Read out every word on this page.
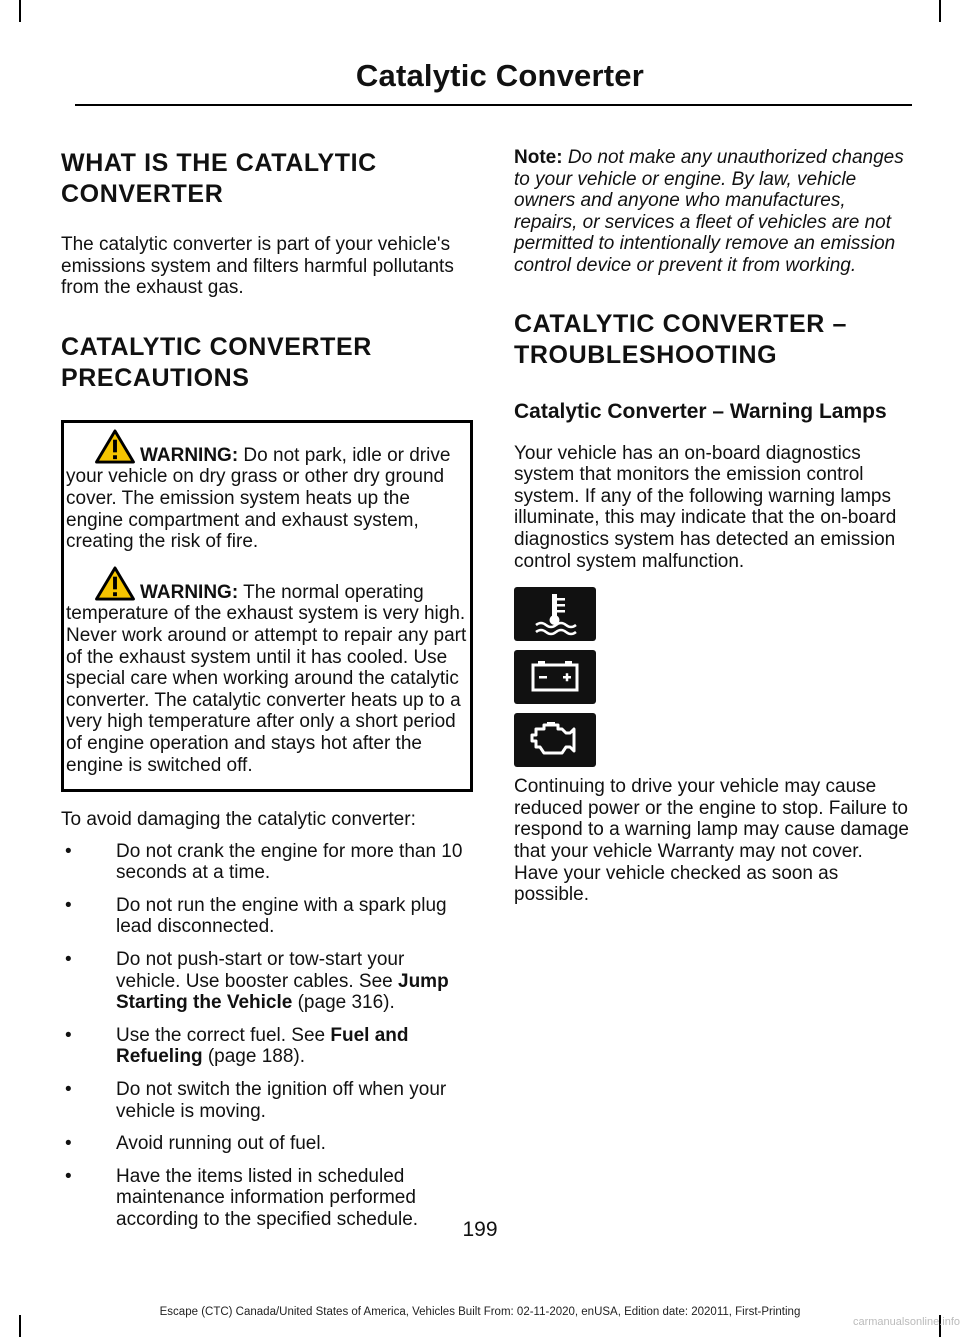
Catalytic Converter
WHAT IS THE CATALYTIC
CONVERTER

The catalytic converter is part of your vehicle's emissions system and filters harmful pollutants from the exhaust gas.

CATALYTIC CONVERTER
PRECAUTIONS

WARNING: Do not park, idle or drive your vehicle on dry grass or other dry ground cover. The emission system heats up the engine compartment and exhaust system, creating the risk of fire.

WARNING: The normal operating temperature of the exhaust system is very high. Never work around or attempt to repair any part of the exhaust system until it has cooled. Use special care when working around the catalytic converter. The catalytic converter heats up to a very high temperature after only a short period of engine operation and stays hot after the engine is switched off.

To avoid damaging the catalytic converter:

• Do not crank the engine for more than 10 seconds at a time.
• Do not run the engine with a spark plug lead disconnected.
• Do not push-start or tow-start your vehicle. Use booster cables. See Jump Starting the Vehicle (page 316).
• Use the correct fuel. See Fuel and Refueling (page 188).
• Do not switch the ignition off when your vehicle is moving.
• Avoid running out of fuel.
• Have the items listed in scheduled maintenance information performed according to the specified schedule.

Note: Do not make any unauthorized changes to your vehicle or engine. By law, vehicle owners and anyone who manufactures, repairs, or services a fleet of vehicles are not permitted to intentionally remove an emission control device or prevent it from working.

CATALYTIC CONVERTER –
TROUBLESHOOTING
Catalytic Converter – Warning Lamps

Your vehicle has an on-board diagnostics system that monitors the emission control system. If any of the following warning lamps illuminate, this may indicate that the on-board diagnostics system has detected an emission control system malfunction.

Continuing to drive your vehicle may cause reduced power or the engine to stop. Failure to respond to a warning lamp may cause damage that your vehicle Warranty may not cover. Have your vehicle checked as soon as possible.

199
Escape (CTC) Canada/United States of America, Vehicles Built From: 02-11-2020, enUSA, Edition date: 202011, First-Printing
carmanualsonline.info
